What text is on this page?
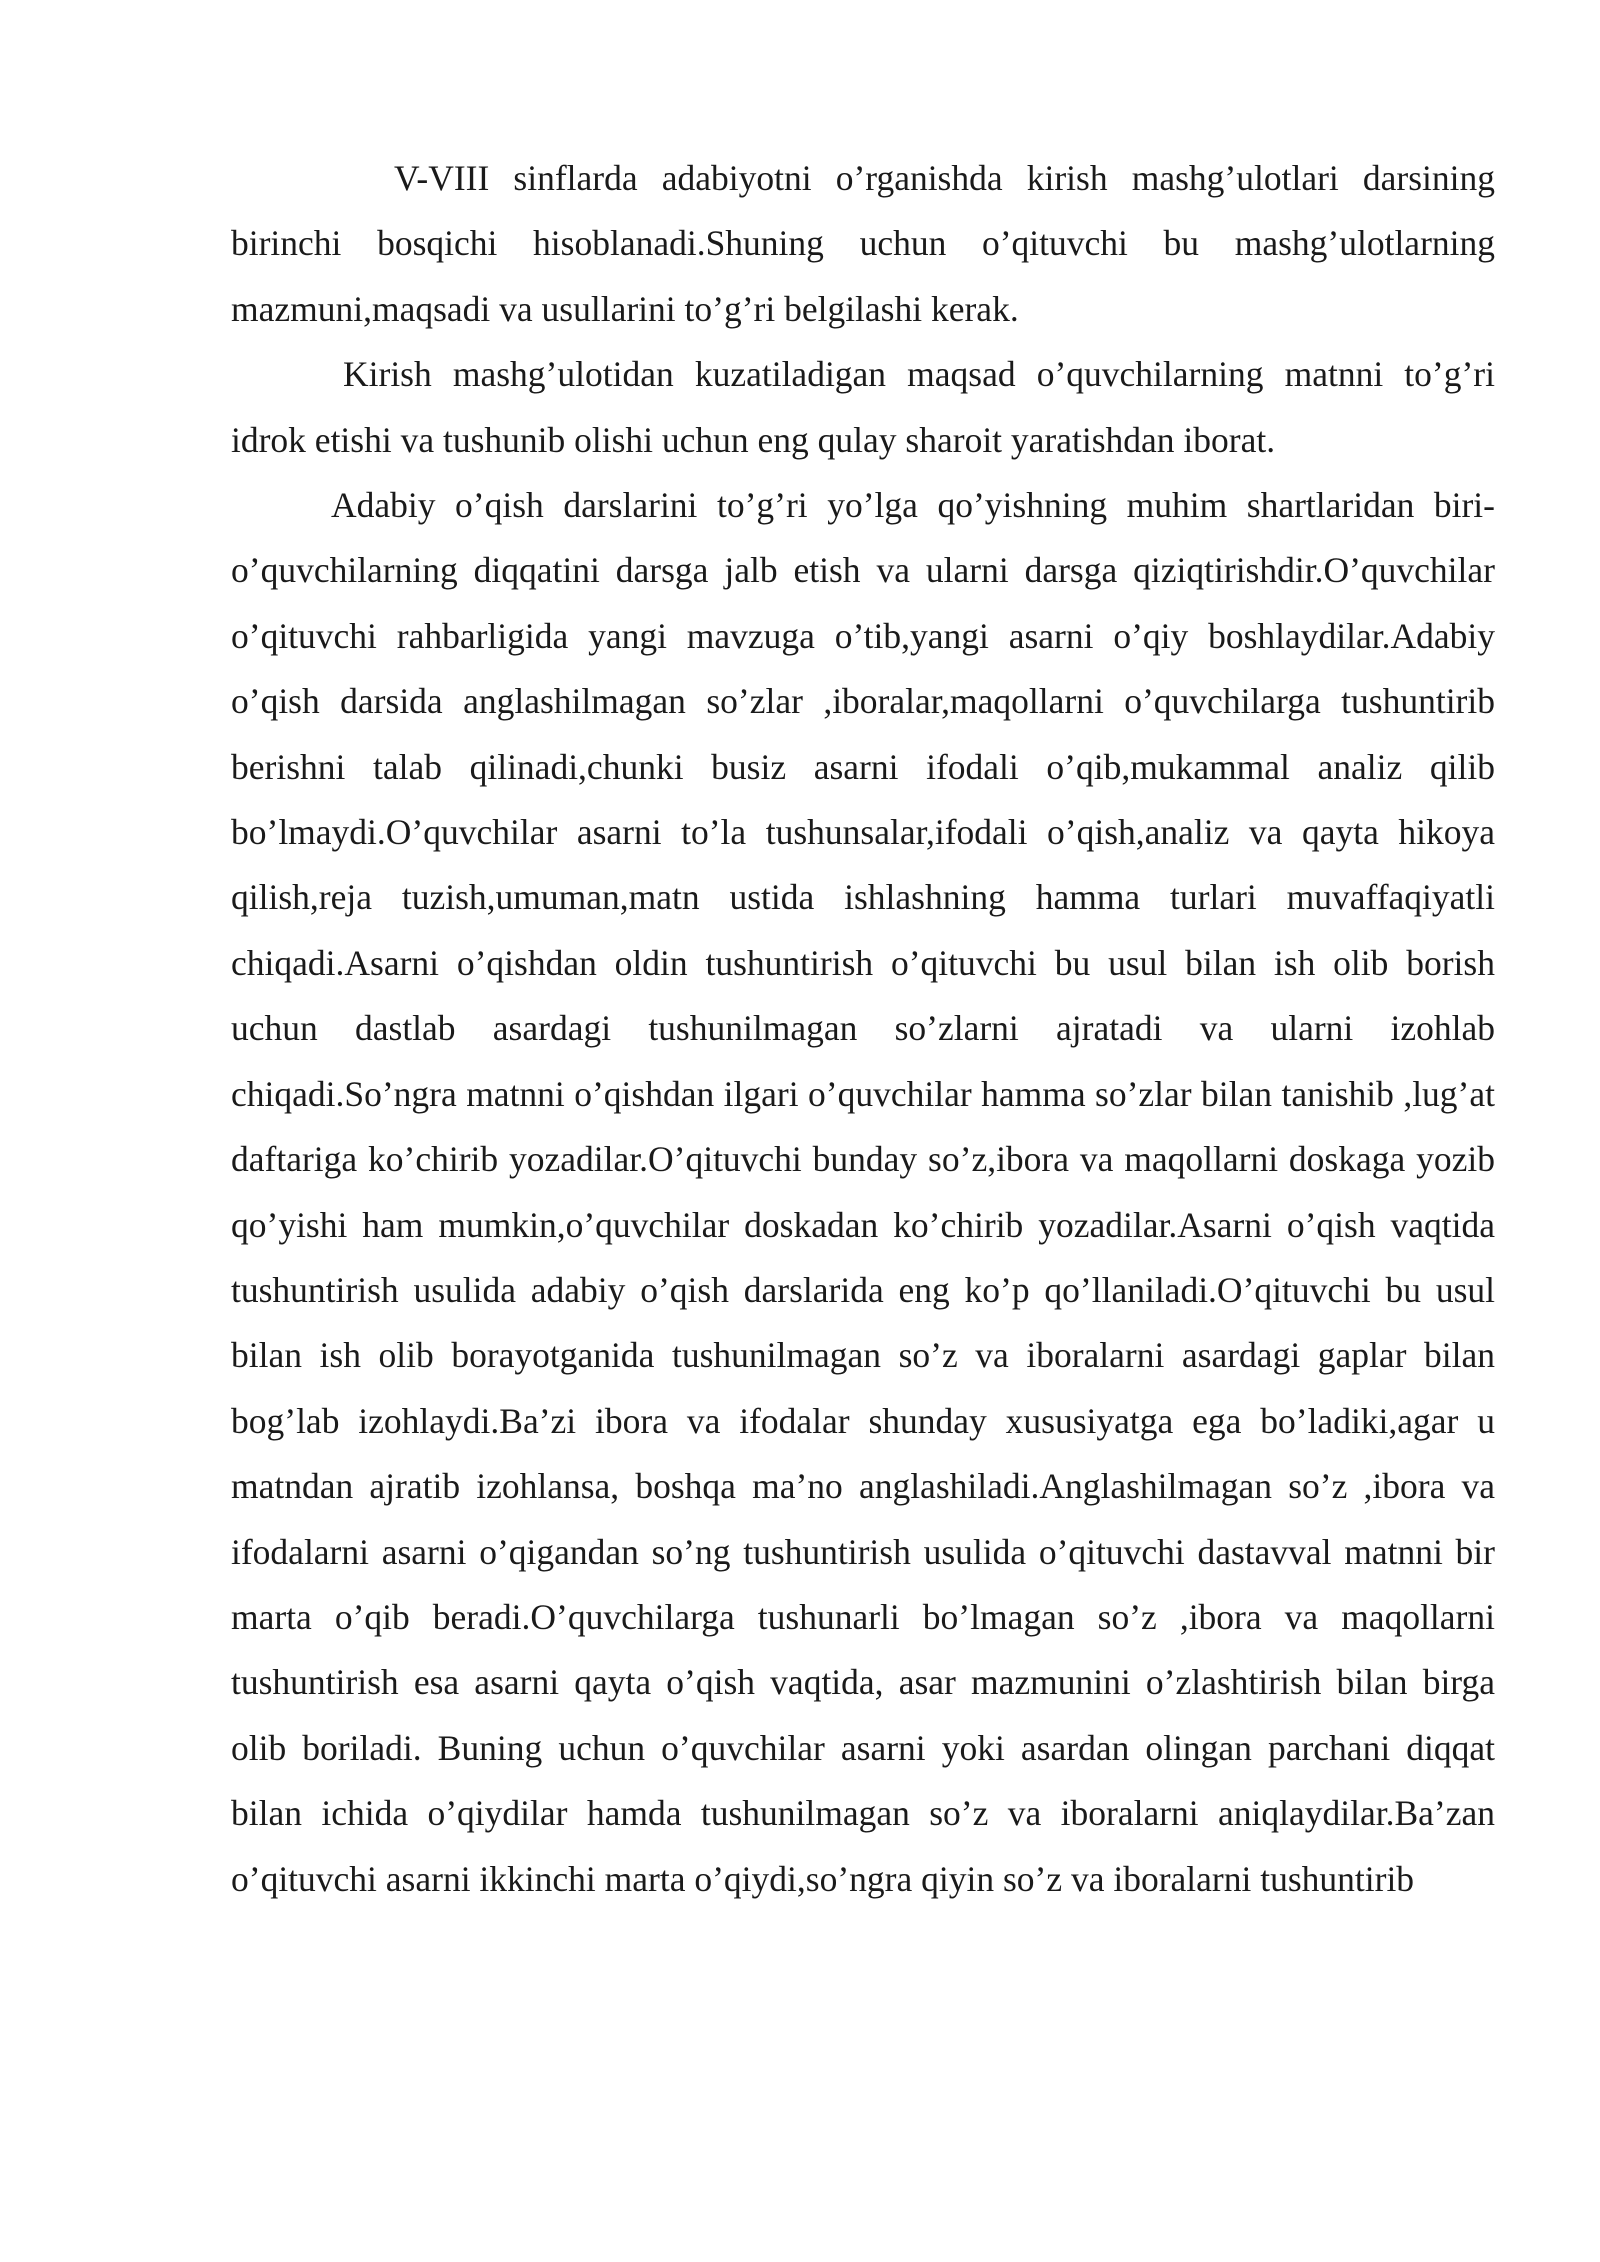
V-VIII sinflarda adabiyotni o’rganishda kirish mashg’ulotlari darsining birinchi bosqichi hisoblanadi.Shuning uchun o’qituvchi bu mashg’ulotlarning mazmuni,maqsadi va usullarini to’g’ri belgilashi kerak.

Kirish mashg’ulotidan kuzatiladigan maqsad o’quvchilarning matnni to’g’ri idrok etishi va tushunib olishi uchun eng qulay sharoit yaratishdan iborat.

Adabiy o’qish darslarini to’g’ri yo’lga qo’yishning muhim shartlaridan biri- o’quvchilarning diqqatini darsga jalb etish va ularni darsga qiziqtirishdir.O’quvchilar o’qituvchi rahbarligida yangi mavzuga o’tib,yangi asarni o’qiy boshlaydilar.Adabiy o’qish darsida anglashilmagan so’zlar ,iboralar,maqollarni o’quvchilarga tushuntirib berishni talab qilinadi,chunki busiz asarni ifodali o’qib,mukammal analiz qilib bo’lmaydi.O’quvchilar asarni to’la tushunsalar,ifodali o’qish,analiz va qayta hikoya qilish,reja tuzish,umuman,matn ustida ishlashning hamma turlari muvaffaqiyatli chiqadi.Asarni o’qishdan oldin tushuntirish o’qituvchi bu usul bilan ish olib borish uchun dastlab asardagi tushunilmagan so’zlarni ajratadi va ularni izohlab chiqadi.So’ngra matnni o’qishdan ilgari o’quvchilar hamma so’zlar bilan tanishib ,lug’at daftariga ko’chirib yozadilar.O’qituvchi bunday so’z,ibora va maqollarni doskaga yozib qo’yishi ham mumkin,o’quvchilar doskadan ko’chirib yozadilar.Asarni o’qish vaqtida tushuntirish usulida adabiy o’qish darslarida eng ko’p qo’llaniladi.O’qituvchi bu usul bilan ish olib borayotganida tushunilmagan so’z va iboralarni asardagi gaplar bilan bog’lab izohlaydi.Ba’zi ibora va ifodalar shunday xususiyatga ega bo’ladiki,agar u matndan ajratib izohlansa, boshqa ma’no anglashiladi.Anglashilmagan so’z ,ibora va ifodalarni asarni o’qigandan so’ng tushuntirish usulida o’qituvchi dastavval matnni bir marta o’qib beradi.O’quvchilarga tushunarli bo’lmagan so’z ,ibora va maqollarni tushuntirish esa asarni qayta o’qish vaqtida, asar mazmunini o’zlashtirish bilan birga olib boriladi. Buning uchun o’quvchilar asarni yoki asardan olingan parchani diqqat bilan ichida o’qiydilar hamda tushunilmagan so’z va iboralarni aniqlaydilar.Ba’zan o’qituvchi asarni ikkinchi marta o’qiydi,so’ngra qiyin so’z va iboralarni tushuntirib
